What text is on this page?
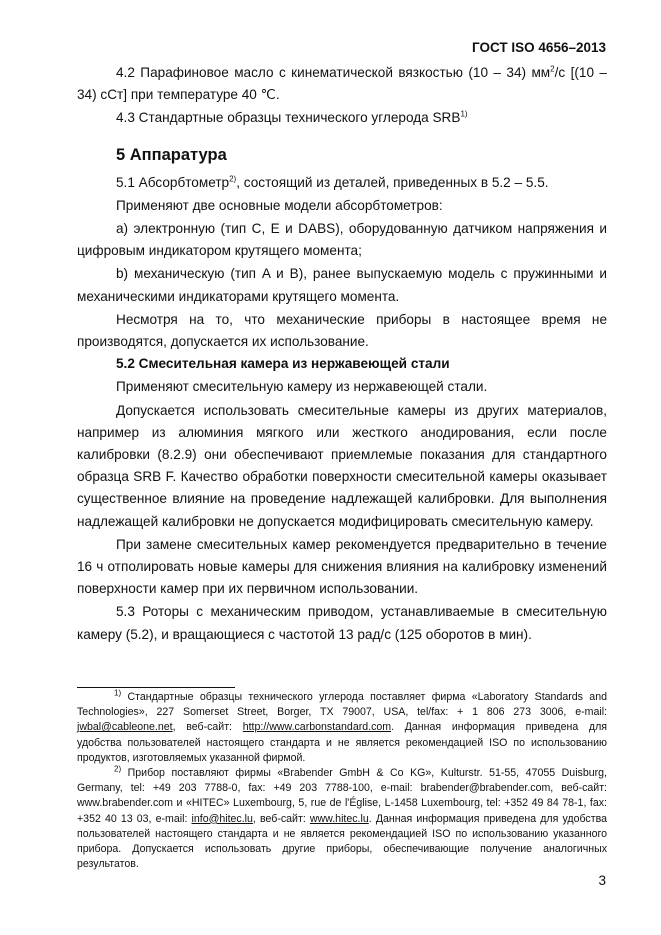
ГОСТ ISO 4656–2013

4.2 Парафиновое масло с кинематической вязкостью (10 – 34) $мм^2/с$ [(10 – 34) сСт] при температуре 40 ℃.

4.3 Стандартные образцы технического углерода SRB$^{1)}$

5 Аппаратура

5.1 Абсорбтометр$^{2)}$, состоящий из деталей, приведенных в 5.2 – 5.5.

Применяют две основные модели абсорбтометров:

a) электронную (тип C, E и DABS), оборудованную датчиком напряжения и цифровым индикатором крутящего момента;

b) механическую (тип A и B), ранее выпускаемую модель с пружинными и механическими индикаторами крутящего момента.

Несмотря на то, что механические приборы в настоящее время не производятся, допускается их использование.

5.2 Смесительная камера из нержавеющей стали

Применяют смесительную камеру из нержавеющей стали.

Допускается использовать смесительные камеры из других материалов, например из алюминия мягкого или жесткого анодирования, если после калибровки (8.2.9) они обеспечивают приемлемые показания для стандартного образца SRB F. Качество обработки поверхности смесительной камеры оказывает существенное влияние на проведение надлежащей калибровки. Для выполнения надлежащей калибровки не допускается модифицировать смесительную камеру.

При замене смесительных камер рекомендуется предварительно в течение 16 ч отполировать новые камеры для снижения влияния на калибровку изменений поверхности камер при их первичном использовании.

5.3 Роторы с механическим приводом, устанавливаемые в смесительную камеру (5.2), и вращающиеся с частотой 13 рад/с (125 оборотов в мин).

$^{1)}$ Стандартные образцы технического углерода поставляет фирма «Laboratory Standards and Technologies», 227 Somerset Street, Borger, TX 79007, USA, tel/fax: + 1 806 273 3006, e-mail: jwbal@cableone.net, веб-сайт: http://www.carbonstandard.com. Данная информация приведена для удобства пользователей настоящего стандарта и не является рекомендацией ISO по использованию продуктов, изготовляемых указанной фирмой.

$^{2)}$ Прибор поставляют фирмы «Brabender GmbH & Co KG», Kulturstr. 51-55, 47055 Duisburg, Germany, tel: +49 203 7788-0, fax: +49 203 7788-100, e-mail: brabender@brabender.com, веб-сайт: www.brabender.com и «HITEC» Luxembourg, 5, rue de l'Église, L-1458 Luxembourg, tel: +352 49 84 78-1, fax: +352 40 13 03, e-mail: info@hitec.lu, веб-сайт: www.hitec.lu. Данная информация приведена для удобства пользователей настоящего стандарта и не является рекомендацией ISO по использованию указанного прибора. Допускается использовать другие приборы, обеспечивающие получение аналогичных результатов.

3
